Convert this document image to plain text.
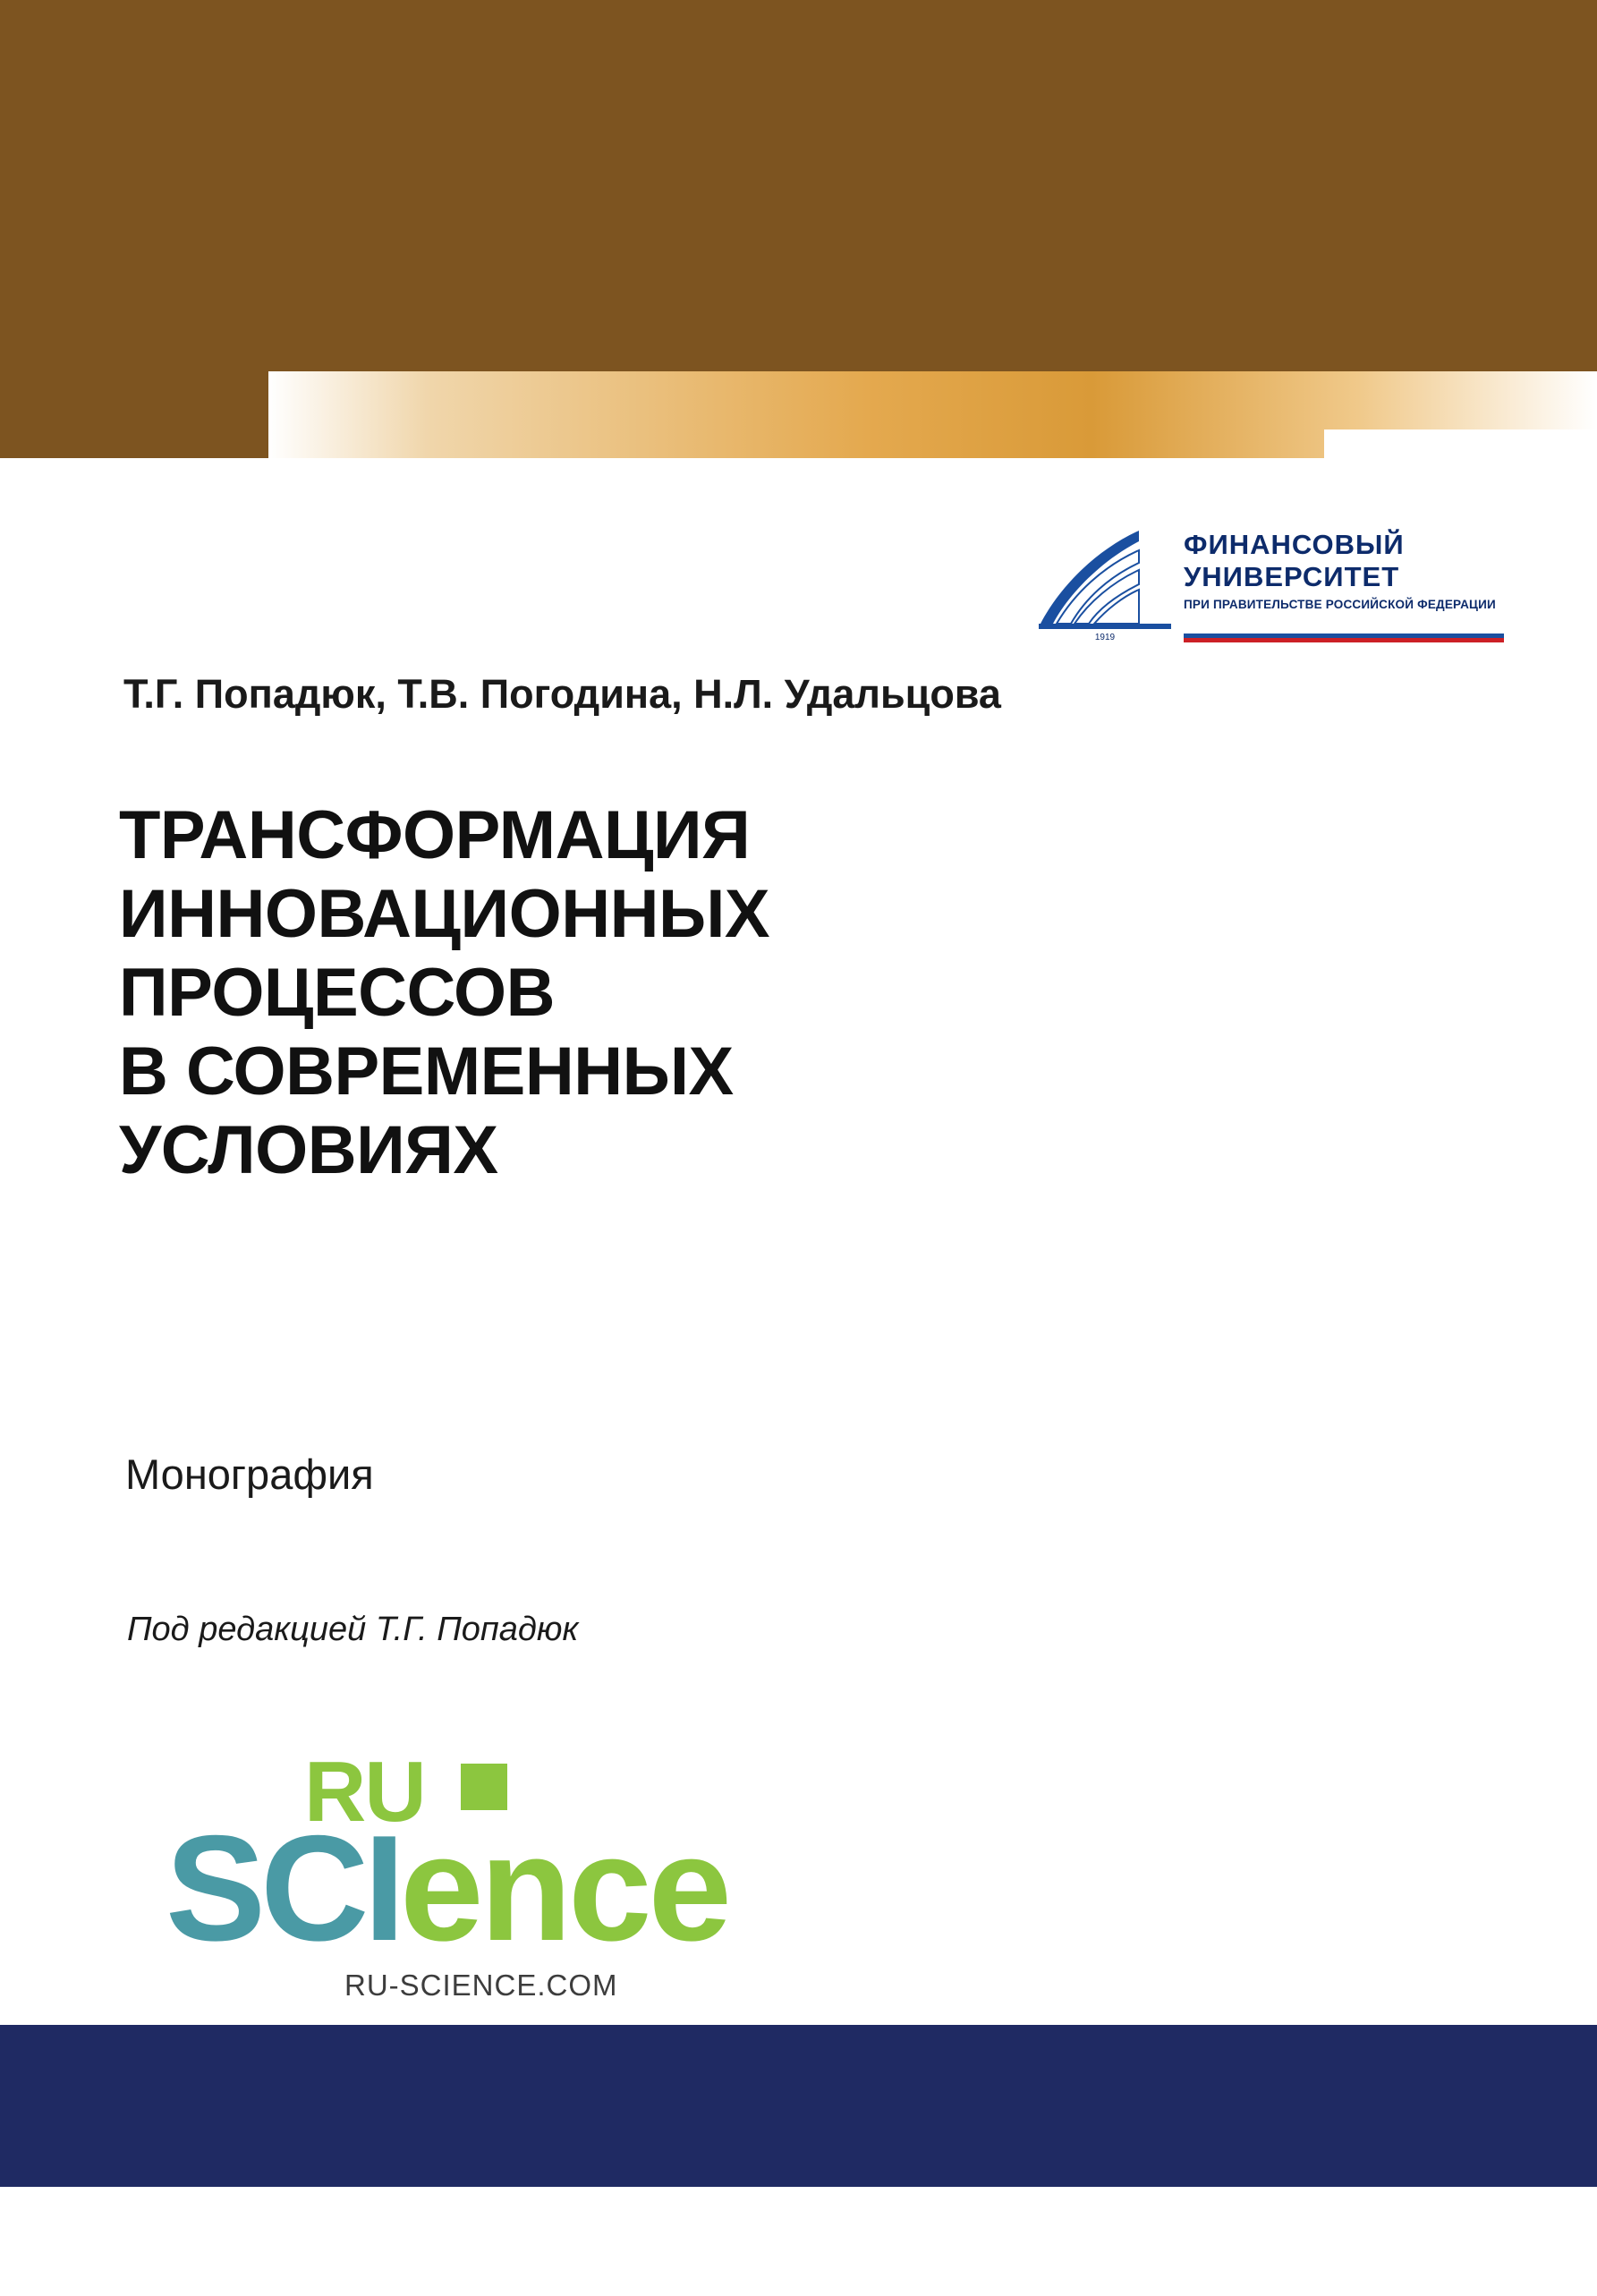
1919
ФИНАНСОВЫЙ
УНИВЕРСИТЕТ
ПРИ ПРАВИТЕЛЬСТВЕ РОССИЙСКОЙ ФЕДЕРАЦИИ
Т.Г. Попадюк, Т.В. Погодина, Н.Л. Удальцова
ТРАНСФОРМАЦИЯ
ИННОВАЦИОННЫХ
ПРОЦЕССОВ
В СОВРЕМЕННЫХ
УСЛОВИЯХ
Монография
Под редакцией Т.Г. Попадюк
RU
SCIence
RU-SCIENCE.COM
